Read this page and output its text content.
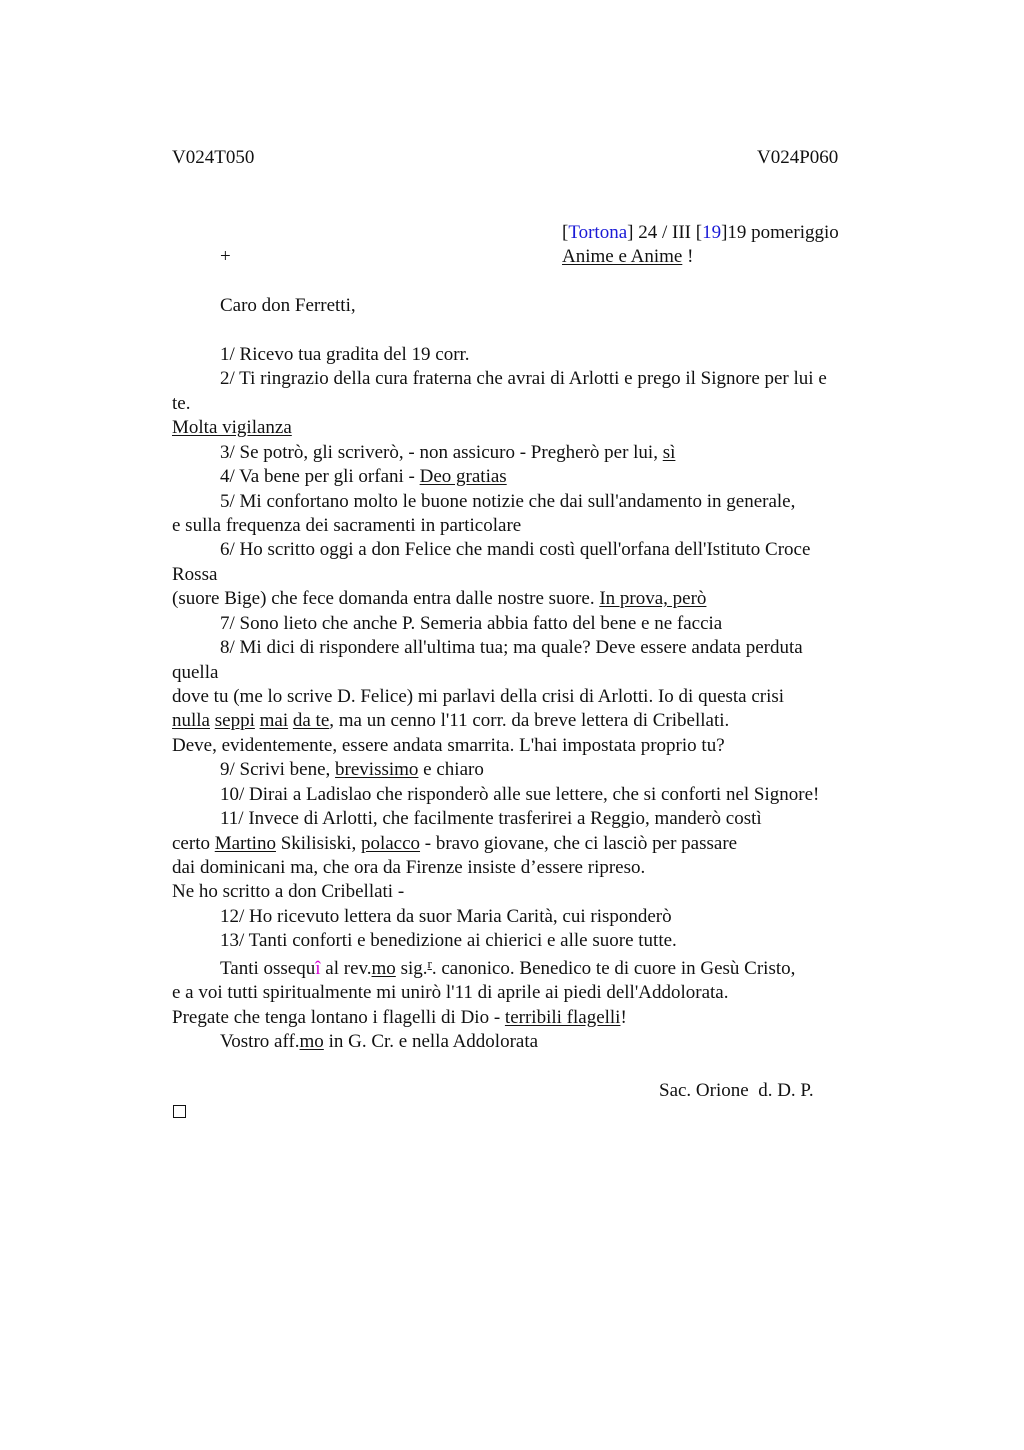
V024T050	V024P060
[Tortona] 24 / III [19]19 pomeriggio
+	Anime e Anime !
Caro don Ferretti,
1/ Ricevo tua gradita del 19 corr.
2/ Ti ringrazio della cura fraterna che avrai di Arlotti e prego il Signore per lui e
te.
Molta vigilanza
3/ Se potrò, gli scriverò, - non assicuro - Pregherò per lui, sì
4/ Va bene per gli orfani - Deo gratias
5/ Mi confortano molto le buone notizie che dai sull'andamento in generale,
e sulla frequenza dei sacramenti in particolare
6/ Ho scritto oggi a don Felice che mandi costì quell'orfana dell'Istituto Croce
Rossa
(suore Bige) che fece domanda entra dalle nostre suore. In prova, però
7/ Sono lieto che anche P. Semeria abbia fatto del bene e ne faccia
8/ Mi dici di rispondere all'ultima tua; ma quale? Deve essere andata perduta
quella
dove tu (me lo scrive D. Felice) mi parlavi della crisi di Arlotti. Io di questa crisi
nulla seppi mai da te, ma un cenno l'11 corr. da breve lettera di Cribellati.
Deve, evidentemente, essere andata smarrita. L'hai impostata proprio tu?
9/ Scrivi bene, brevissimo e chiaro
10/ Dirai a Ladislao che risponderò alle sue lettere, che si conforti nel Signore!
11/ Invece di Arlotti, che facilmente trasferirei a Reggio, manderò costì
certo Martino Skilisiski, polacco - bravo giovane, che ci lasciò per passare
dai dominicani ma, che ora da Firenze insiste d’essere ripreso.
Ne ho scritto a don Cribellati -
12/ Ho ricevuto lettera da suor Maria Carità, cui risponderò
13/ Tanti conforti e benedizione ai chierici e alle suore tutte.
Tanti ossequî al rev.mo sig.$^r$. canonico. Benedico te di cuore in Gesù Cristo,
e a voi tutti spiritualmente mi unirò l'11 di aprile ai piedi dell'Addolorata.
Pregate che tenga lontano i flagelli di Dio - terribili flagelli!
Vostro aff.mo in G. Cr. e nella Addolorata
Sac. Orione  d. D. P.
